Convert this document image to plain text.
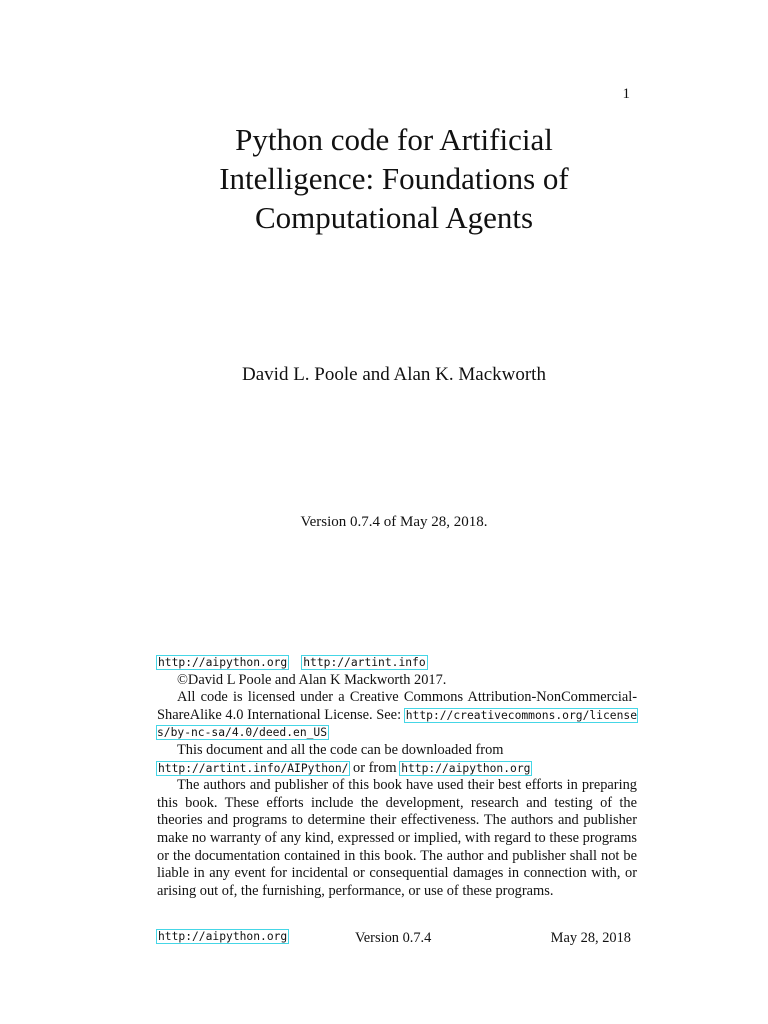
1
Python code for Artificial
Intelligence: Foundations of
Computational Agents
David L. Poole and Alan K. Mackworth
Version 0.7.4 of May 28, 2018.

http://aipython.org http://artint.info

©David L Poole and Alan K Mackworth 2017.

All code is licensed under a Creative Commons Attribution-NonCommercial-ShareAlike 4.0 International License. See: http://creativecommons.org/licenses/by-nc-sa/4.0/deed.en_US

This document and all the code can be downloaded from
http://artint.info/AIPython/ or from http://aipython.org

The authors and publisher of this book have used their best efforts in preparing this book. These efforts include the development, research and testing of the theories and programs to determine their effectiveness. The authors and publisher make no warranty of any kind, expressed or implied, with regard to these programs or the documentation contained in this book. The author and publisher shall not be liable in any event for incidental or consequential damages in connection with, or arising out of, the furnishing, performance, or use of these programs.

http://aipython.org	Version 0.7.4	May 28, 2018
